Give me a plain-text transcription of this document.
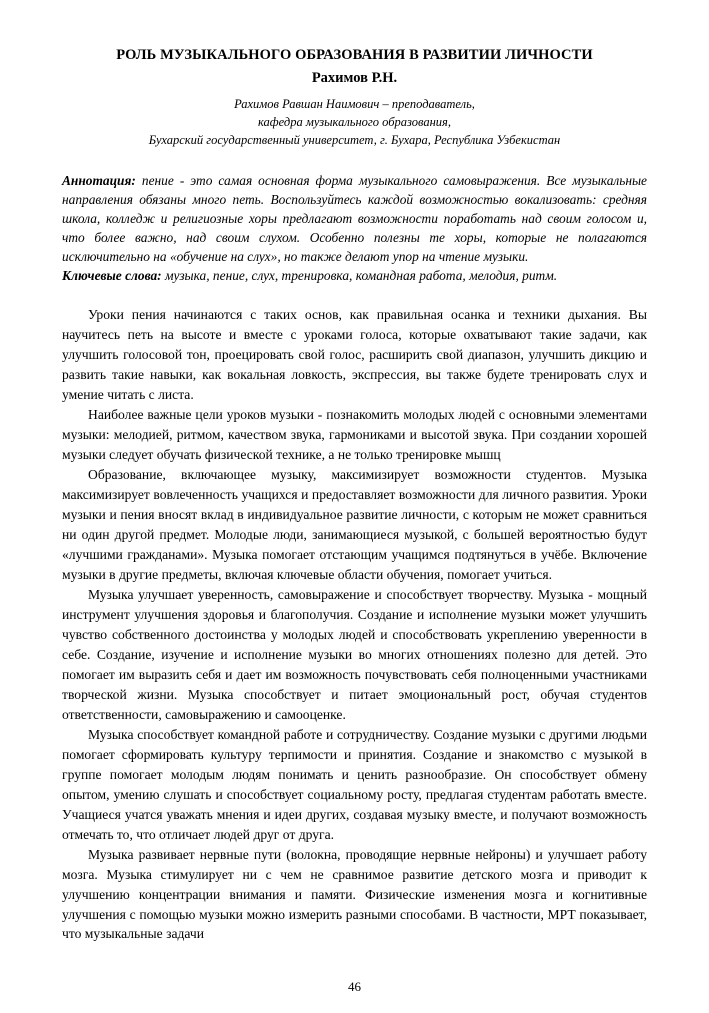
РОЛЬ МУЗЫКАЛЬНОГО ОБРАЗОВАНИЯ В РАЗВИТИИ ЛИЧНОСТИ
Рахимов Р.Н.
Рахимов Равшан Наимович – преподаватель,
кафедра музыкального образования,
Бухарский государственный университет, г. Бухара, Республика Узбекистан
Аннотация: пение - это самая основная форма музыкального самовыражения. Все музыкальные направления обязаны много петь. Воспользуйтесь каждой возможностью вокализовать: средняя школа, колледж и религиозные хоры предлагают возможности поработать над своим голосом и, что более важно, над своим слухом. Особенно полезны те хоры, которые не полагаются исключительно на «обучение на слух», но также делают упор на чтение музыки.
Ключевые слова: музыка, пение, слух, тренировка, командная работа, мелодия, ритм.

Уроки пения начинаются с таких основ, как правильная осанка и техники дыхания. Вы научитесь петь на высоте и вместе с уроками голоса, которые охватывают такие задачи, как улучшить голосовой тон, проецировать свой голос, расширить свой диапазон, улучшить дикцию и развить такие навыки, как вокальная ловкость, экспрессия, вы также будете тренировать слух и умение читать с листа.

Наиболее важные цели уроков музыки - познакомить молодых людей с основными элементами музыки: мелодией, ритмом, качеством звука, гармониками и высотой звука. При создании хорошей музыки следует обучать физической технике, а не только тренировке мышц

Образование, включающее музыку, максимизирует возможности студентов. Музыка максимизирует вовлеченность учащихся и предоставляет возможности для личного развития. Уроки музыки и пения вносят вклад в индивидуальное развитие личности, с которым не может сравниться ни один другой предмет. Молодые люди, занимающиеся музыкой, с большей вероятностью будут «лучшими гражданами». Музыка помогает отстающим учащимся подтянуться в учёбе. Включение музыки в другие предметы, включая ключевые области обучения, помогает учиться.

Музыка улучшает уверенность, самовыражение и способствует творчеству. Музыка - мощный инструмент улучшения здоровья и благополучия. Создание и исполнение музыки может улучшить чувство собственного достоинства у молодых людей и способствовать укреплению уверенности в себе. Создание, изучение и исполнение музыки во многих отношениях полезно для детей. Это помогает им выразить себя и дает им возможность почувствовать себя полноценными участниками творческой жизни. Музыка способствует и питает эмоциональный рост, обучая студентов ответственности, самовыражению и самооценке.

Музыка способствует командной работе и сотрудничеству. Создание музыки с другими людьми помогает сформировать культуру терпимости и принятия. Создание и знакомство с музыкой в группе помогает молодым людям понимать и ценить разнообразие. Он способствует обмену опытом, умению слушать и способствует социальному росту, предлагая студентам работать вместе. Учащиеся учатся уважать мнения и идеи других, создавая музыку вместе, и получают возможность отмечать то, что отличает людей друг от друга.

Музыка развивает нервные пути (волокна, проводящие нервные нейроны) и улучшает работу мозга. Музыка стимулирует ни с чем не сравнимое развитие детского мозга и приводит к улучшению концентрации внимания и памяти. Физические изменения мозга и когнитивные улучшения с помощью музыки можно измерить разными способами. В частности, МРТ показывает, что музыкальные задачи

46
